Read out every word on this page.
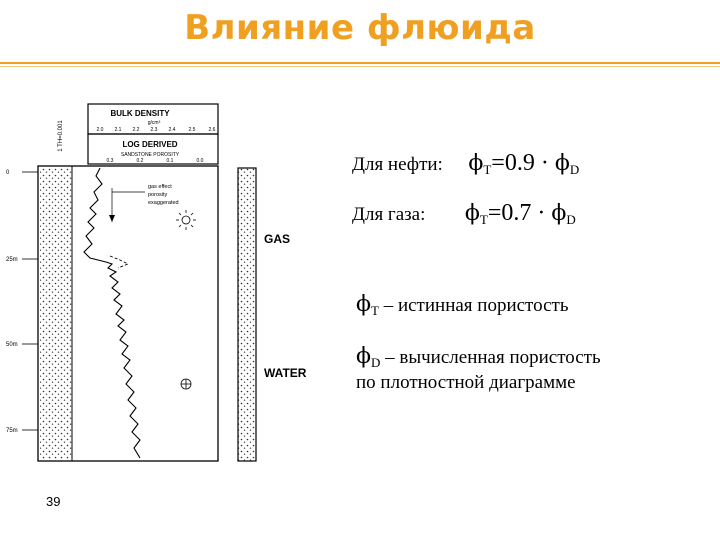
Влияние флюида
BULK DENSITY
g/cm³
2.0 2.1 2.2 2.3 2.4	2.5	2.6
LOG DERIVED
SANDSTONE POROSITY
0.3	0.2	0.1	0.0
1 TH=0.001
0
25m
50m
75m
gas effect
porosity
exaggerated
GAS
WATER
Для нефти: $\phi_T=0.9 \cdot \phi_D$
Для газа: $\phi_T=0.7 \cdot \phi_D$
$\phi_T$ – истинная пористость
$\phi_D$ – вычисленная пористость
по плотностной диаграмме
39
